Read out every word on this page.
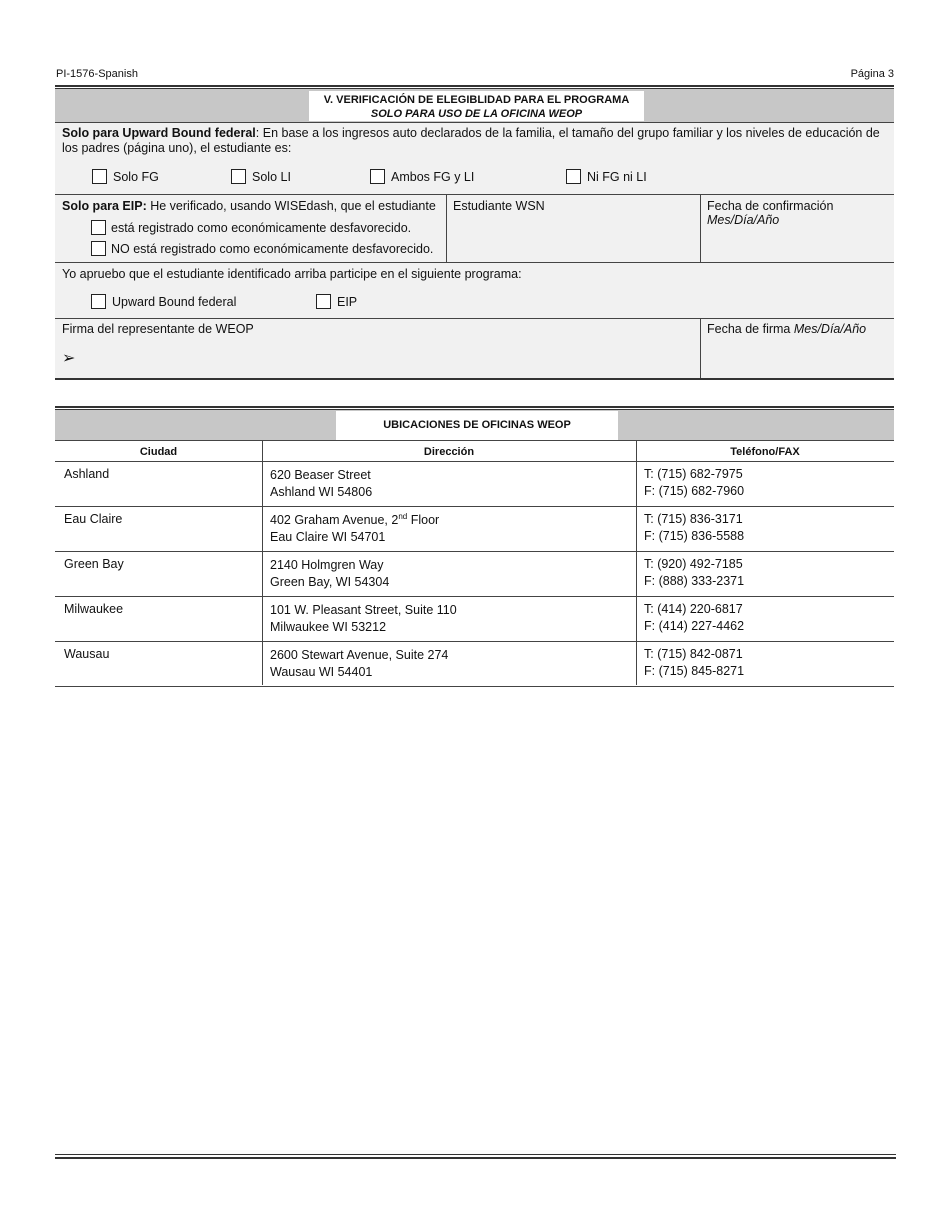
PI-1576-Spanish	Página 3
V. VERIFICACIÓN DE ELEGIBLIDAD PARA EL PROGRAMA
SOLO PARA USO DE LA OFICINA WEOP
Solo para Upward Bound federal: En base a los ingresos auto declarados de la familia, el tamaño del grupo familiar y los niveles de educación de los padres (página uno), el estudiante es:
Solo FG	Solo LI	Ambos FG y LI	Ni FG ni LI
Solo para EIP: He verificado, usando WISEdash, que el estudiante
está registrado como económicamente desfavorecido.
NO está registrado como económicamente desfavorecido.
Estudiante WSN	Fecha de confirmación
Mes/Día/Año
Yo apruebo que el estudiante identificado arriba participe en el siguiente programa:
Upward Bound federal	EIP
Firma del representante de WEOP
➢
Fecha de firma Mes/Día/Año
UBICACIONES DE OFICINAS WEOP
Ciudad	Dirección	Teléfono/FAX
Ashland	620 Beaser Street
Ashland WI 54806
T: (715) 682-7975
F: (715) 682-7960
Eau Claire	402 Graham Avenue, 2nd Floor
Eau Claire WI 54701
T: (715) 836-3171
F: (715) 836-5588
Green Bay	2140 Holmgren Way
Green Bay, WI 54304
T: (920) 492-7185
F: (888) 333-2371
Milwaukee	101 W. Pleasant Street, Suite 110
Milwaukee WI 53212
T: (414) 220-6817
F: (414) 227-4462
Wausau	2600 Stewart Avenue, Suite 274
Wausau WI 54401
T: (715) 842-0871
F: (715) 845-8271
